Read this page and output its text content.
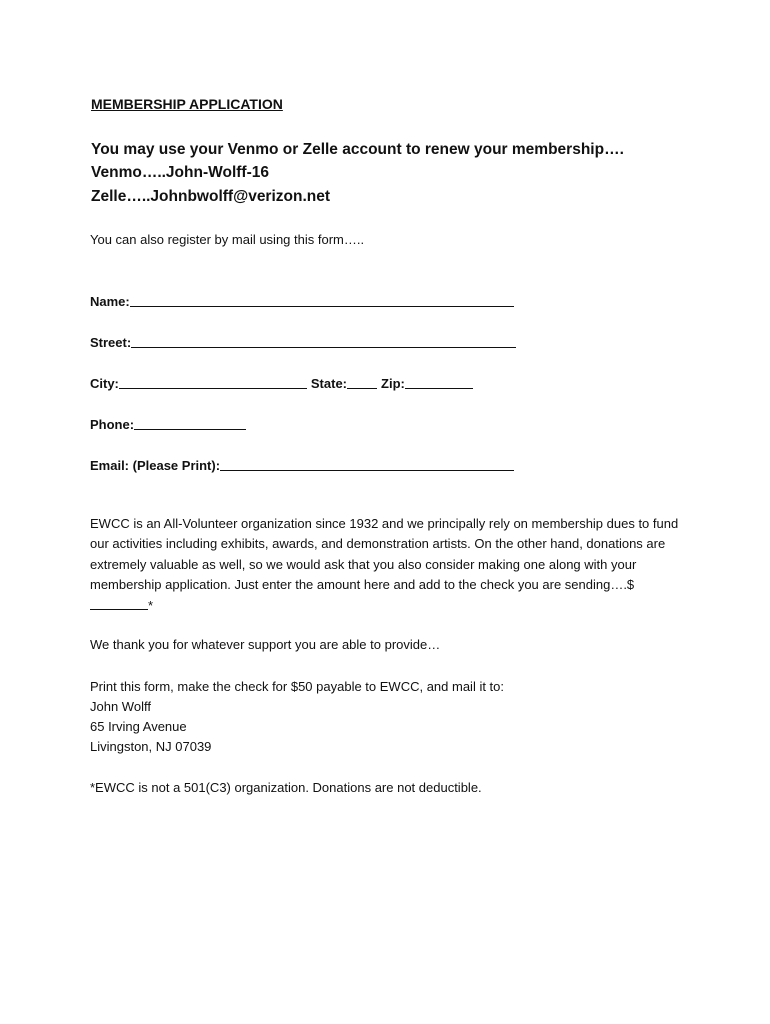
MEMBERSHIP APPLICATION
You may use your Venmo or Zelle account to renew your membership….
Venmo…..John-Wolff-16
Zelle…..Johnbwolff@verizon.net
You can also register by mail using this form…..
Name:
Street:
City:	State:	Zip:
Phone:
Email: (Please Print):
EWCC is an All-Volunteer organization since 1932 and we principally rely on membership dues to fund our activities including exhibits, awards, and demonstration artists. On the other hand, donations are extremely valuable as well, so we would ask that you also consider making one along with your membership application. Just enter the amount here and add to the check you are sending….$*
We thank you for whatever support you are able to provide…
Print this form, make the check for $50 payable to EWCC, and mail it to:
John Wolff
65 Irving Avenue
Livingston, NJ 07039
*EWCC is not a 501(C3) organization. Donations are not deductible.
